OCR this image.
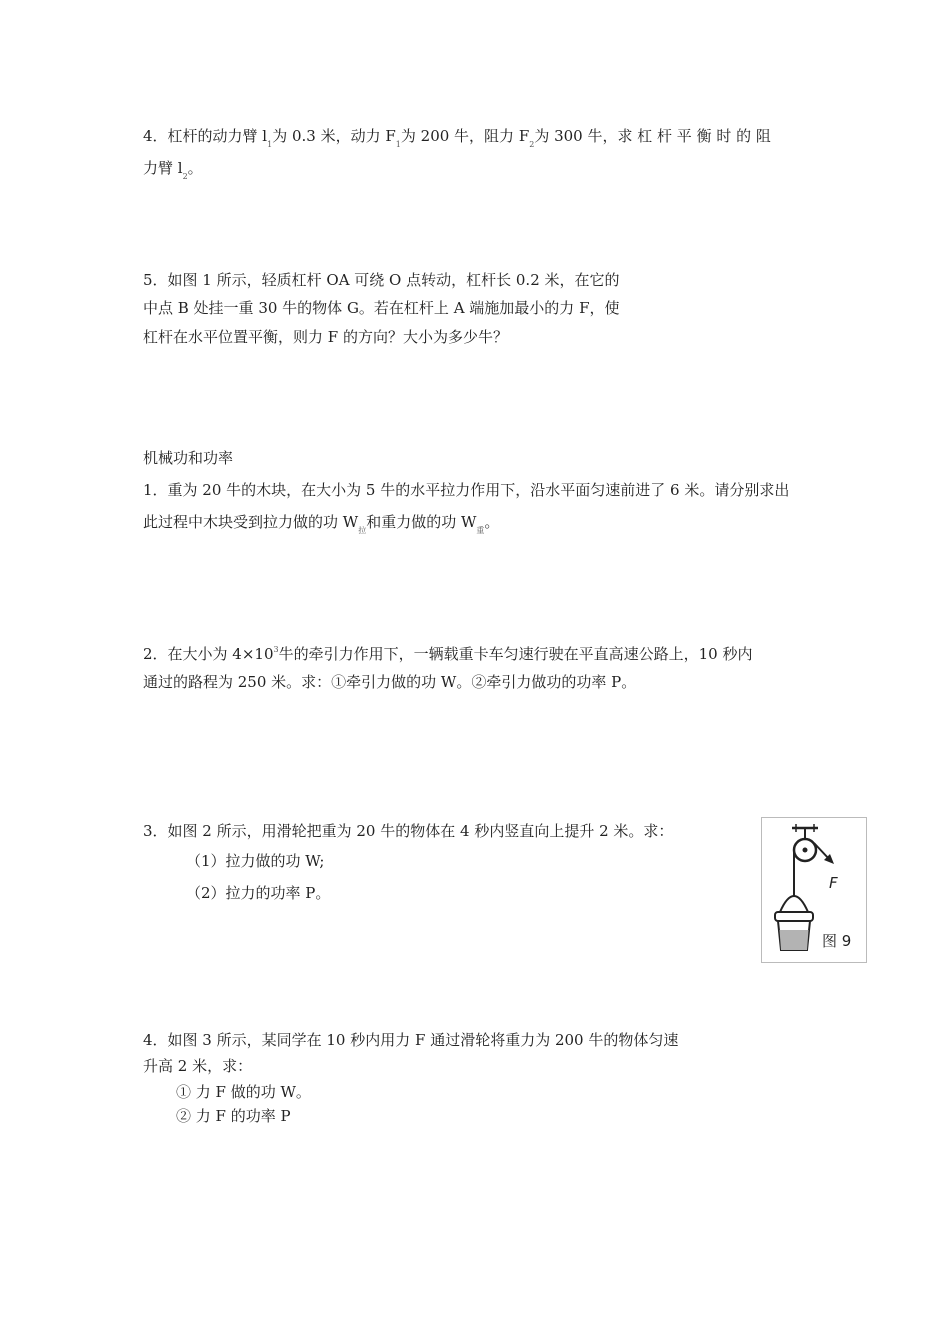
4．杠杆的动力臂 $l_1$为 0.3 米，动力 $F_1$为 200 牛，阻力 $F_2$为 300 牛，求 杠 杆 平 衡 时 的 阻
力臂 $l_2$。
5．如图 1 所示，轻质杠杆 OA 可绕 O 点转动，杠杆长 0.2 米，在它的
中点 B 处挂一重 30 牛的物体 G。若在杠杆上 A 端施加最小的力 F，使
杠杆在水平位置平衡，则力 F 的方向？大小为多少牛？
机械功和功率
1．重为 20 牛的木块，在大小为 5 牛的水平拉力作用下，沿水平面匀速前进了 6 米。请分别求出
此过程中木块受到拉力做的功 $W_拉$和重力做的功 $W_重$。
2．在大小为 $4\times 10^3$牛的牵引力作用下，一辆载重卡车匀速行驶在平直高速公路上，10 秒内
通过的路程为 250 米。求：①牵引力做的功 W。②牵引力做功的功率 P。
3．如图 2 所示，用滑轮把重为 20 牛的物体在 4 秒内竖直向上提升 2 米。求：
（1）拉力做的功 W;
（2）拉力的功率 P。
F
图 9
4．如图 3 所示，某同学在 10 秒内用力 F 通过滑轮将重力为 200 牛的物体匀速
升高 2 米，求：
① 力 F 做的功 W。
② 力 F 的功率 P
